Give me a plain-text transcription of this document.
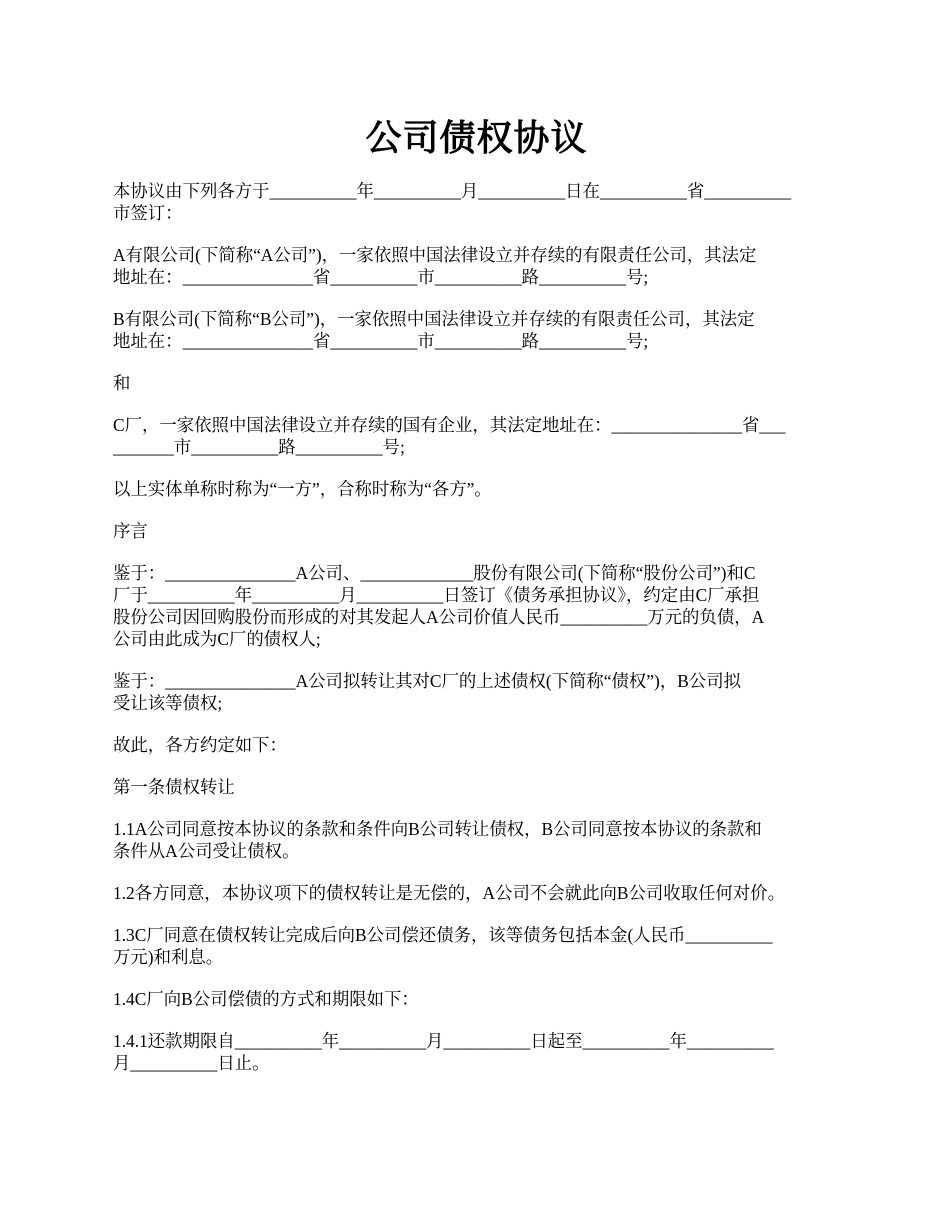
公司债权协议

本协议由下列各方于__________年__________月__________日在__________省__________
市签订：

A有限公司(下简称“A公司”)，一家依照中国法律设立并存续的有限责任公司，其法定
地址在：_______________省__________市__________路__________号;

B有限公司(下简称“B公司”)，一家依照中国法律设立并存续的有限责任公司，其法定
地址在：_______________省__________市__________路__________号;

和

C厂，一家依照中国法律设立并存续的国有企业，其法定地址在：_______________省___
_______市__________路__________号;

以上实体单称时称为“一方”，合称时称为“各方”。

序言

鉴于：_______________A公司、_____________股份有限公司(下简称“股份公司”)和C
厂于__________年__________月__________日签订《债务承担协议》，约定由C厂承担
股份公司因回购股份而形成的对其发起人A公司价值人民币__________万元的负债，A
公司由此成为C厂的债权人;

鉴于：_______________A公司拟转让其对C厂的上述债权(下简称“债权”)，B公司拟
受让该等债权;

故此，各方约定如下：

第一条债权转让

1.1A公司同意按本协议的条款和条件向B公司转让债权，B公司同意按本协议的条款和
条件从A公司受让债权。

1.2各方同意，本协议项下的债权转让是无偿的，A公司不会就此向B公司收取任何对价。

1.3C厂同意在债权转让完成后向B公司偿还债务，该等债务包括本金(人民币__________
万元)和利息。

1.4C厂向B公司偿债的方式和期限如下：

1.4.1还款期限自__________年__________月__________日起至__________年__________
月__________日止。
